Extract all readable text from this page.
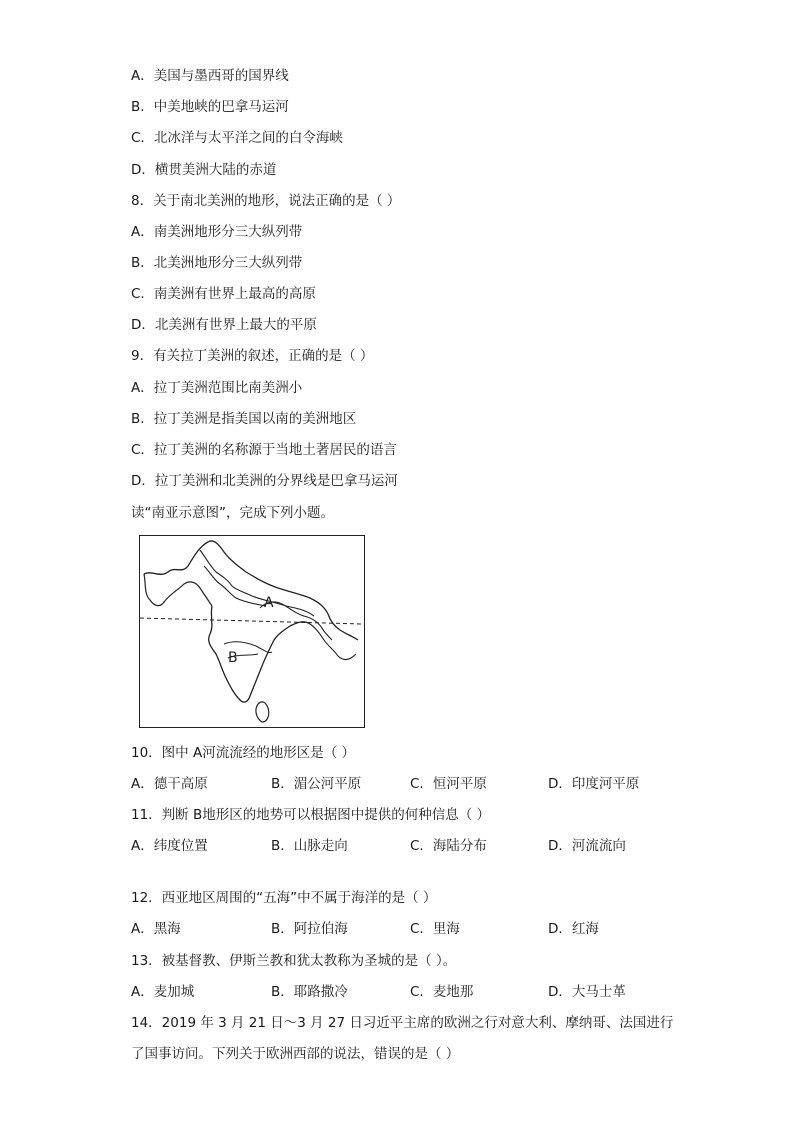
A．美国与墨西哥的国界线
B．中美地峡的巴拿马运河
C．北冰洋与太平洋之间的白令海峡
D．横贯美洲大陆的赤道
8．关于南北美洲的地形，说法正确的是（ ）
A．南美洲地形分三大纵列带
B．北美洲地形分三大纵列带
C．南美洲有世界上最高的高原
D．北美洲有世界上最大的平原
9．有关拉丁美洲的叙述，正确的是（ ）
A．拉丁美洲范围比南美洲小
B．拉丁美洲是指美国以南的美洲地区
C．拉丁美洲的名称源于当地土著居民的语言
D．拉丁美洲和北美洲的分界线是巴拿马运河
读“南亚示意图”，完成下列小题。
A
B
10．图中 A河流流经的地形区是（ ）
A．德干高原	B．湄公河平原	C．恒河平原	D．印度河平原
11．判断 B地形区的地势可以根据图中提供的何种信息（ ）
A．纬度位置	B．山脉走向	C．海陆分布	D．河流流向
12．西亚地区周围的“五海”中不属于海洋的是（ ）
A．黑海	B．阿拉伯海	C．里海	D．红海
13．被基督教、伊斯兰教和犹太教称为圣城的是（ ）。
A．麦加城	B．耶路撒冷	C．麦地那	D．大马士革
14．2019 年 3 月 21 日～3 月 27 日习近平主席的欧洲之行对意大利、摩纳哥、法国进行
了国事访问。下列关于欧洲西部的说法，错误的是（ ）
